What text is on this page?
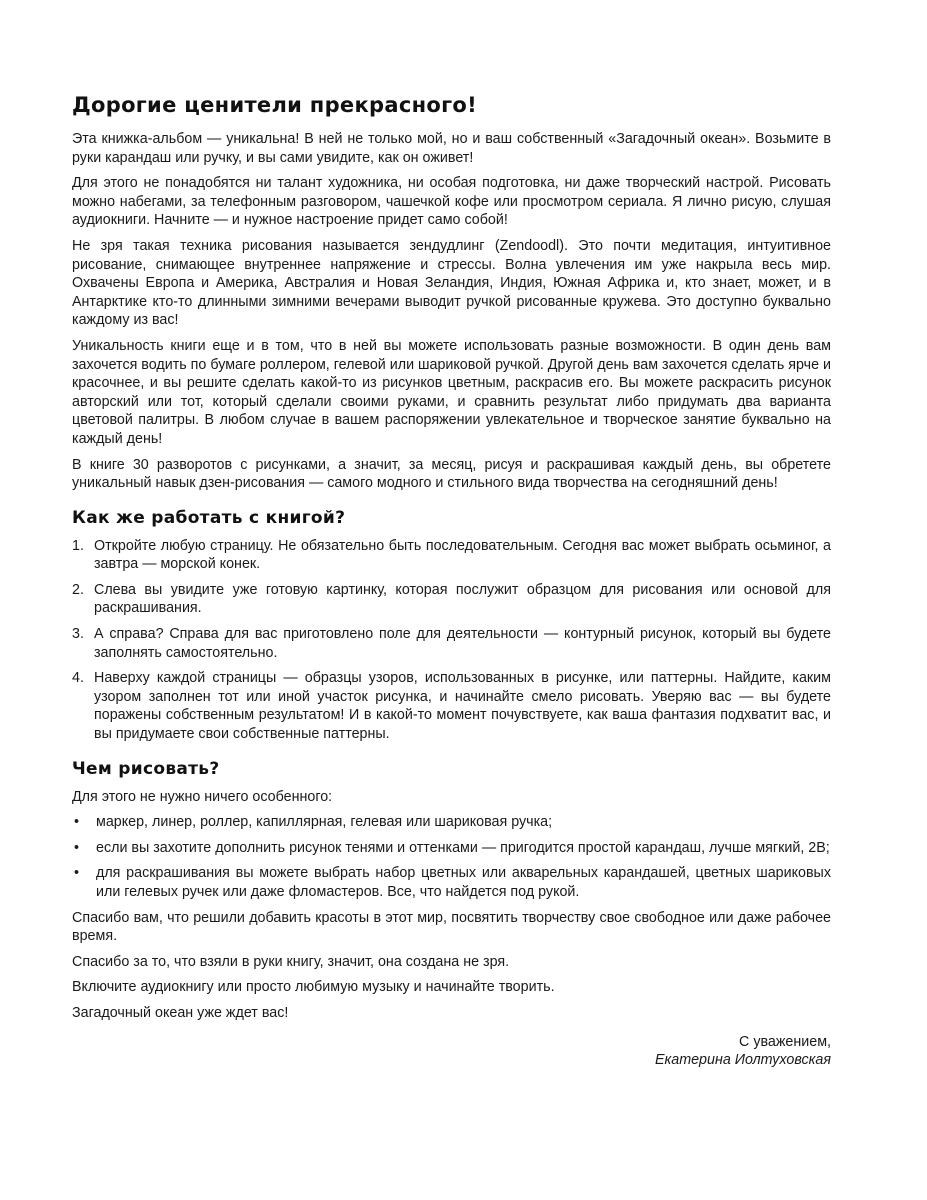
Дорогие ценители прекрасного!

Эта книжка-альбом — уникальна! В ней не только мой, но и ваш собственный «Загадочный океан». Возьмите в руки карандаш или ручку, и вы сами увидите, как он оживет!

Для этого не понадобятся ни талант художника, ни особая подготовка, ни даже творческий настрой. Рисовать можно набегами, за телефонным разговором, чашечкой кофе или просмотром сериала. Я лично рисую, слушая аудиокниги. Начните — и нужное настроение придет само собой!

Не зря такая техника рисования называется зендудлинг (Zendoodl). Это почти медитация, интуитивное рисование, снимающее внутреннее напряжение и стрессы. Волна увлечения им уже накрыла весь мир. Охвачены Европа и Америка, Австралия и Новая Зеландия, Индия, Южная Африка и, кто знает, может, и в Антарктике кто-то длинными зимними вечерами выводит ручкой рисованные кружева. Это доступно буквально каждому из вас!

Уникальность книги еще и в том, что в ней вы можете использовать разные возможности. В один день вам захочется водить по бумаге роллером, гелевой или шариковой ручкой. Другой день вам захочется сделать ярче и красочнее, и вы решите сделать какой-то из рисунков цветным, раскрасив его. Вы можете раскрасить рисунок авторский или тот, который сделали своими руками, и сравнить результат либо придумать два варианта цветовой палитры. В любом случае в вашем распоряжении увлекательное и творческое занятие буквально на каждый день!

В книге 30 разворотов с рисунками, а значит, за месяц, рисуя и раскрашивая каждый день, вы обретете уникальный навык дзен-рисования — самого модного и стильного вида творчества на сегодняшний день!

Как же работать с книгой?
1. Откройте любую страницу. Не обязательно быть последовательным. Сегодня вас может выбрать осьминог, а завтра — морской конек.
2. Слева вы увидите уже готовую картинку, которая послужит образцом для рисования или основой для раскрашивания.
3. А справа? Справа для вас приготовлено поле для деятельности — контурный рисунок, который вы будете заполнять самостоятельно.
4. Наверху каждой страницы — образцы узоров, использованных в рисунке, или паттерны. Найдите, каким узором заполнен тот или иной участок рисунка, и начинайте смело рисовать. Уверяю вас — вы будете поражены собственным результатом! И в какой-то момент почувствуете, как ваша фантазия подхватит вас, и вы придумаете свои собственные паттерны.
Чем рисовать?

Для этого не нужно ничего особенного:

•	маркер, линер, роллер, капиллярная, гелевая или шариковая ручка;
•	если вы захотите дополнить рисунок тенями и оттенками — пригодится простой карандаш, лучше мягкий, 2B;
•	для раскрашивания вы можете выбрать набор цветных или акварельных карандашей, цветных шариковых или гелевых ручек или даже фломастеров. Все, что найдется под рукой.

Спасибо вам, что решили добавить красоты в этот мир, посвятить творчеству свое свободное или даже рабочее время.

Спасибо за то, что взяли в руки книгу, значит, она создана не зря.

Включите аудиокнигу или просто любимую музыку и начинайте творить.

Загадочный океан уже ждет вас!

С уважением,
Екатерина Иолтуховская
